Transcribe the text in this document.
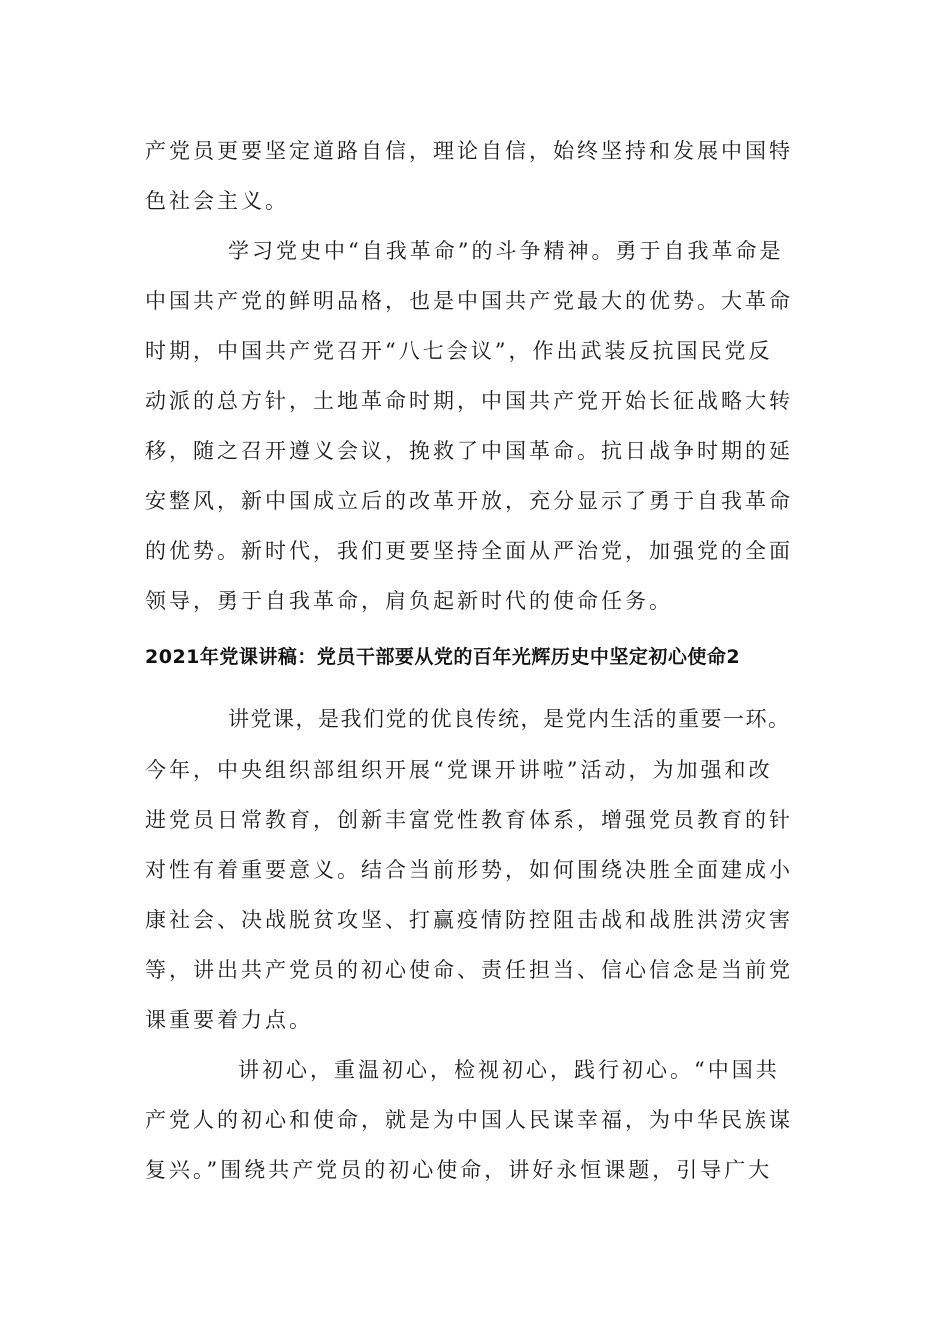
产党员更要坚定道路自信，理论自信，始终坚持和发展中国特
色社会主义。
学习党史中“自我革命”的斗争精神。勇于自我革命是
中国共产党的鲜明品格，也是中国共产党最大的优势。大革命
时期，中国共产党召开“八七会议”，作出武装反抗国民党反
动派的总方针，土地革命时期，中国共产党开始长征战略大转
移，随之召开遵义会议，挽救了中国革命。抗日战争时期的延
安整风，新中国成立后的改革开放，充分显示了勇于自我革命
的优势。新时代，我们更要坚持全面从严治党，加强党的全面
领导，勇于自我革命，肩负起新时代的使命任务。
2021年党课讲稿：党员干部要从党的百年光辉历史中坚定初心使命2
讲党课，是我们党的优良传统，是党内生活的重要一环。
今年，中央组织部组织开展“党课开讲啦”活动，为加强和改
进党员日常教育，创新丰富党性教育体系，增强党员教育的针
对性有着重要意义。结合当前形势，如何围绕决胜全面建成小
康社会、决战脱贫攻坚、打赢疫情防控阻击战和战胜洪涝灾害
等，讲出共产党员的初心使命、责任担当、信心信念是当前党
课重要着力点。
讲初心，重温初心，检视初心，践行初心。“中国共
产党人的初心和使命，就是为中国人民谋幸福，为中华民族谋
复兴。”围绕共产党员的初心使命，讲好永恒课题，引导广大
